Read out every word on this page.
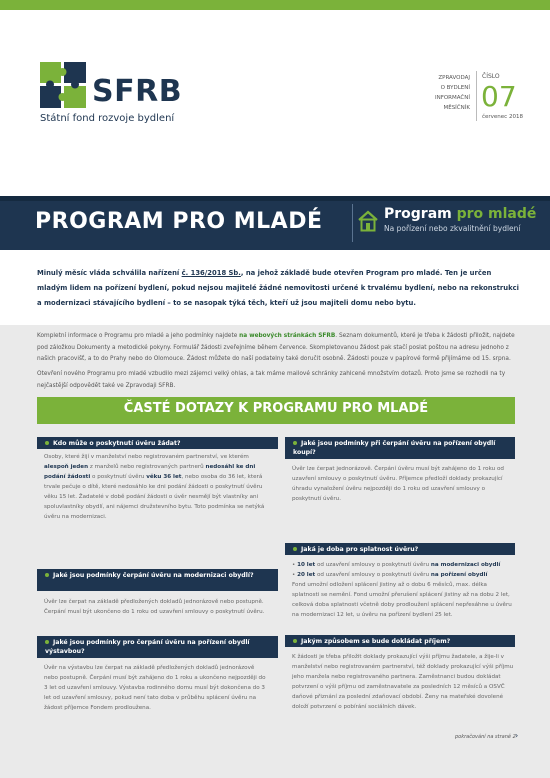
SFRB
Státní fond rozvoje bydlení
ZPRAVODAJ
O BYDLENÍ
INFORMAČNÍ
MĚSÍČNÍK
ČÍSLO
07
červenec 2018
PROGRAM PRO MLADÉ	Program pro mladé
Na pořízení nebo zkvalitnění bydlení

Minulý měsíc vláda schválila nařízení č. 136/2018 Sb., na jehož základě bude otevřen Program pro mladé. Ten je určen mladým lidem na pořízení bydlení, pokud nejsou majitelé žádné nemovitosti určené k trvalému bydlení, nebo na rekonstrukci a modernizaci stávajícího bydlení – to se nasopak týká těch, kteří už jsou majiteli domu nebo bytu.

Kompletní informace o Programu pro mladé a jeho podmínky najdete na webových stránkách SFRB. Seznam dokumentů, které je třeba k žádosti přiložit, najdete pod záložkou Dokumenty a metodické pokyny. Formulář žádosti zveřejníme během července. Skompletovanou žádost pak stačí poslat poštou na adresu jednoho z našich pracovišť, a to do Prahy nebo do Olomouce. Žádost můžete do naší podatelny také doručit osobně. Žádosti pouze v papírové formě přijímáme od 15. srpna.

Otevření nového Programu pro mladé vzbudilo mezi zájemci velký ohlas, a tak máme mailové schránky zahlcené množstvím dotazů. Proto jsme se rozhodli na ty nejčastější odpovědět také ve Zpravodaji SFRB.

ČASTÉ DOTAZY K PROGRAMU PRO MLADÉ
Kdo může o poskytnutí úvěru žádat?

Osoby, které žijí v manželství nebo registrovaném partnerství, ve kterém alespoň jeden z manželů nebo registrovaných partnerů nedosáhl ke dni podání žádosti o poskytnutí úvěru věku 36 let, nebo osoba do 36 let, která trvale pečuje o dítě, které nedosáhlo ke dni podání žádosti o poskytnutí úvěru věku 15 let. Žadatelé v době podání žádosti o úvěr nesmějí být vlastníky ani spoluvlastníky obydlí, ani nájemci družstevního bytu. Toto podmínka se netýká úvěru na modernizaci.

Jaké jsou podmínky čerpání úvěru na modernizaci obydlí?

Úvěr lze čerpat na základě předložených dokladů jednorázově nebo postupně. Čerpání musí být ukončeno do 1 roku od uzavření smlouvy o poskytnutí úvěru.

Jaké jsou podmínky pro čerpání úvěru na pořízení obydlí výstavbou?

Úvěr na výstavbu lze čerpat na základě předložených dokladů jednorázově nebo postupně. Čerpání musí být zahájeno do 1 roku a ukončeno nejpozději do 3 let od uzavření smlouvy. Výstavba rodinného domu musí být dokončena do 3 let od uzavření smlouvy, pokud není tato doba v průběhu splácení úvěru na žádost příjemce Fondem prodloužena.

Jaké jsou podmínky při čerpání úvěru na pořízení obydlí koupí?

Úvěr lze čerpat jednorázově. Čerpání úvěru musí být zahájeno do 1 roku od uzavření smlouvy o poskytnutí úvěru. Příjemce předloží doklady prokazující úhradu vynaložení úvěru nejpozději do 1 roku od uzavření smlouvy o poskytnutí úvěru.

Jaká je doba pro splatnost úvěru?
• 10 let od uzavření smlouvy o poskytnutí úvěru na modernizaci obydlí
• 20 let od uzavření smlouvy o poskytnutí úvěru na pořízení obydlí
Fond umožní odložení splácení jistiny až o dobu 6 měsíců, max. délka splatnosti se nemění. Fond umožní přerušení splácení jistiny až na dobu 2 let, celková doba splatnosti včetně doby prodloužení splácení nepřesáhne u úvěru na modernizaci 12 let, u úvěru na pořízení bydlení 25 let.
Jakým způsobem se bude dokládat příjem?

K žádosti je třeba přiložit doklady prokazující výši příjmu žadatele, a žije-li v manželství nebo registrovaném partnerství, též doklady prokazující výši příjmu jeho manžela nebo registrovaného partnera. Zaměstnanci budou dokládat potvrzení o výši příjmu od zaměstnavatele za posledních 12 měsíců a OSVČ daňové přiznání za poslední zdaňovací období. Ženy na mateřské dovolené doloží potvrzení o pobírání sociálních dávek.

pokračování na straně 2 ›
